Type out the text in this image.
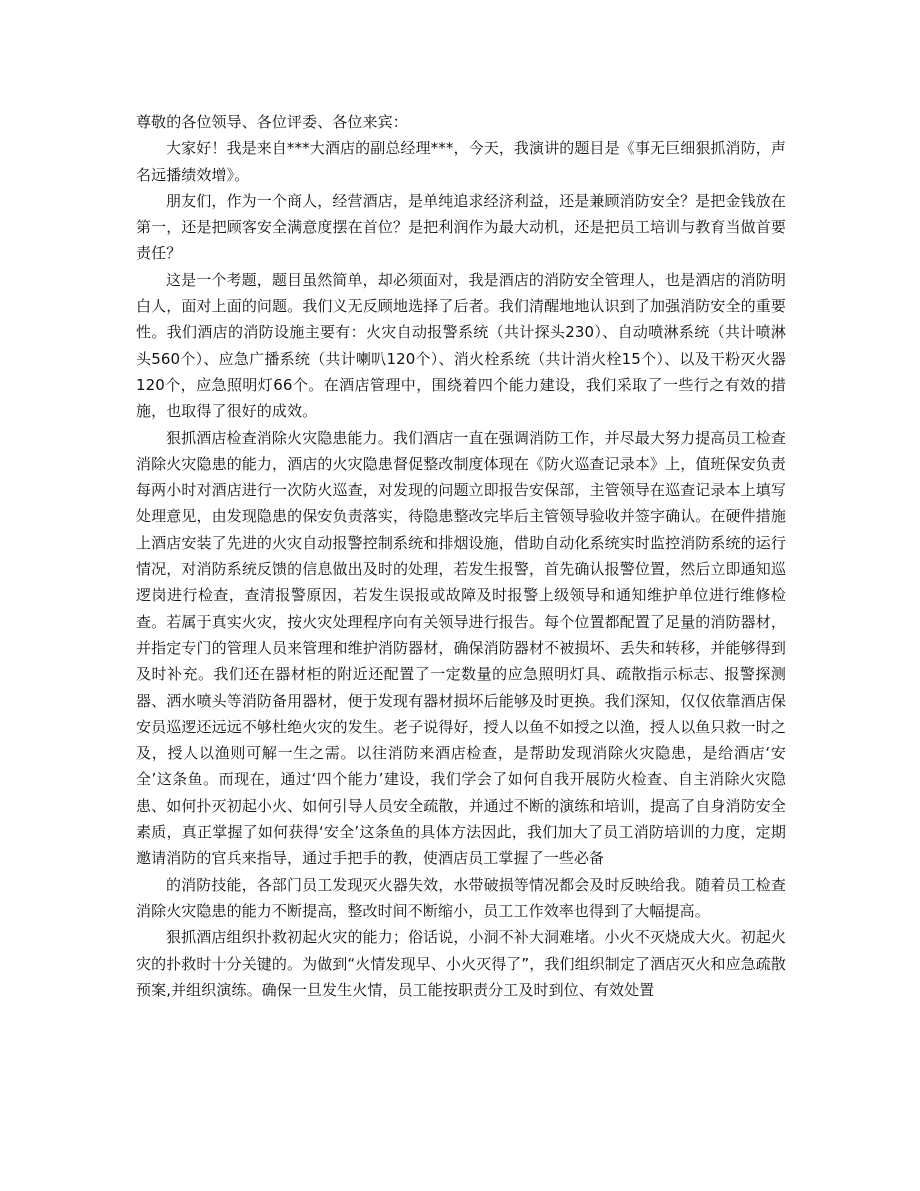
尊敬的各位领导、各位评委、各位来宾：

大家好！我是来自***大酒店的副总经理***，今天，我演讲的题目是《事无巨细狠抓消防，声名远播绩效增》。

朋友们，作为一个商人，经营酒店，是单纯追求经济利益，还是兼顾消防安全？是把金钱放在第一，还是把顾客安全满意度摆在首位？是把利润作为最大动机，还是把员工培训与教育当做首要责任？

这是一个考题，题目虽然简单，却必须面对，我是酒店的消防安全管理人，也是酒店的消防明白人，面对上面的问题。我们义无反顾地选择了后者。我们清醒地地认识到了加强消防安全的重要性。我们酒店的消防设施主要有：火灾自动报警系统（共计探头230）、自动喷淋系统（共计喷淋头560个）、应急广播系统（共计喇叭120个）、消火栓系统（共计消火栓15个）、以及干粉灭火器120个，应急照明灯66个。在酒店管理中，围绕着四个能力建设，我们采取了一些行之有效的措施，也取得了很好的成效。

狠抓酒店检查消除火灾隐患能力。我们酒店一直在强调消防工作，并尽最大努力提高员工检查消除火灾隐患的能力，酒店的火灾隐患督促整改制度体现在《防火巡查记录本》上，值班保安负责每两小时对酒店进行一次防火巡查，对发现的问题立即报告安保部，主管领导在巡查记录本上填写处理意见，由发现隐患的保安负责落实，待隐患整改完毕后主管领导验收并签字确认。在硬件措施上酒店安装了先进的火灾自动报警控制系统和排烟设施，借助自动化系统实时监控消防系统的运行情况，对消防系统反馈的信息做出及时的处理，若发生报警，首先确认报警位置，然后立即通知巡逻岗进行检查，查清报警原因，若发生误报或故障及时报警上级领导和通知维护单位进行维修检查。若属于真实火灾，按火灾处理程序向有关领导进行报告。每个位置都配置了足量的消防器材，并指定专门的管理人员来管理和维护消防器材，确保消防器材不被损坏、丢失和转移，并能够得到及时补充。我们还在器材柜的附近还配置了一定数量的应急照明灯具、疏散指示标志、报警探测器、洒水喷头等消防备用器材，便于发现有器材损坏后能够及时更换。我们深知，仅仅依靠酒店保安员巡逻还远远不够杜绝火灾的发生。老子说得好，授人以鱼不如授之以渔，授人以鱼只救一时之及，授人以渔则可解一生之需。以往消防来酒店检查，是帮助发现消除火灾隐患，是给酒店‘安全’这条鱼。而现在，通过‘四个能力’建设，我们学会了如何自我开展防火检查、自主消除火灾隐患、如何扑灭初起小火、如何引导人员安全疏散，并通过不断的演练和培训，提高了自身消防安全素质，真正掌握了如何获得‘安全’这条鱼的具体方法因此，我们加大了员工消防培训的力度，定期邀请消防的官兵来指导，通过手把手的教，使酒店员工掌握了一些必备

的消防技能，各部门员工发现灭火器失效，水带破损等情况都会及时反映给我。随着员工检查消除火灾隐患的能力不断提高，整改时间不断缩小，员工工作效率也得到了大幅提高。

狠抓酒店组织扑救初起火灾的能力；俗话说，小洞不补大洞难堵。小火不灭烧成大火。初起火灾的扑救时十分关键的。为做到“火情发现早、小火灭得了”，我们组织制定了酒店灭火和应急疏散预案,并组织演练。确保一旦发生火情，员工能按职责分工及时到位、有效处置
